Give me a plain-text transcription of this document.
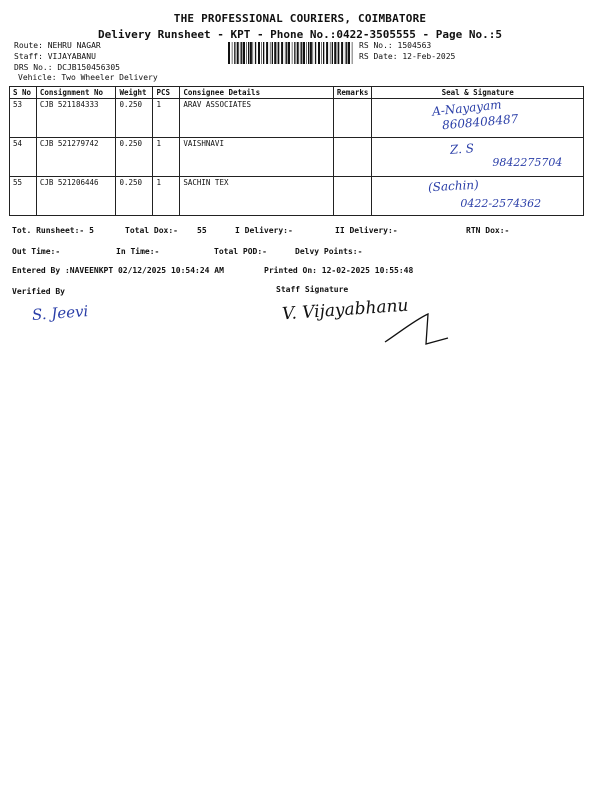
THE PROFESSIONAL COURIERS, COIMBATORE
Delivery Runsheet - KPT - Phone No.:0422-3505555 - Page No.:5
Route: NEHRU NAGAR
Staff: VIJAYABANU
DRS No.: DCJB150456305
Vehicle: Two Wheeler Delivery
RS No.: 1504563
RS Date: 12-Feb-2025
S No	Consignment No	Weight	PCS	Consignee Details	Remarks	Seal & Signature
53	CJB 521184333	0.250	1	ARAV ASSOCIATES		A-Nayayam
8608408487

54	CJB 521279742	0.250	1	VAISHNAVI		Z. S
9842275704

55	CJB 521206446	0.250	1	SACHIN TEX		(Sachin)
0422-2574362
Tot. Runsheet:- 5	Total Dox:- 55	I Delivery:-	II Delivery:-	RTN Dox:-
Out Time:-	In Time:-	Total POD:-	Delvy Points:-
Entered By :NAVEENKPT 02/12/2025 10:54:24 AM	Printed On: 12-02-2025 10:55:48
Verified By
S. Jeevi
Staff Signature
V. Vijayabhanu
